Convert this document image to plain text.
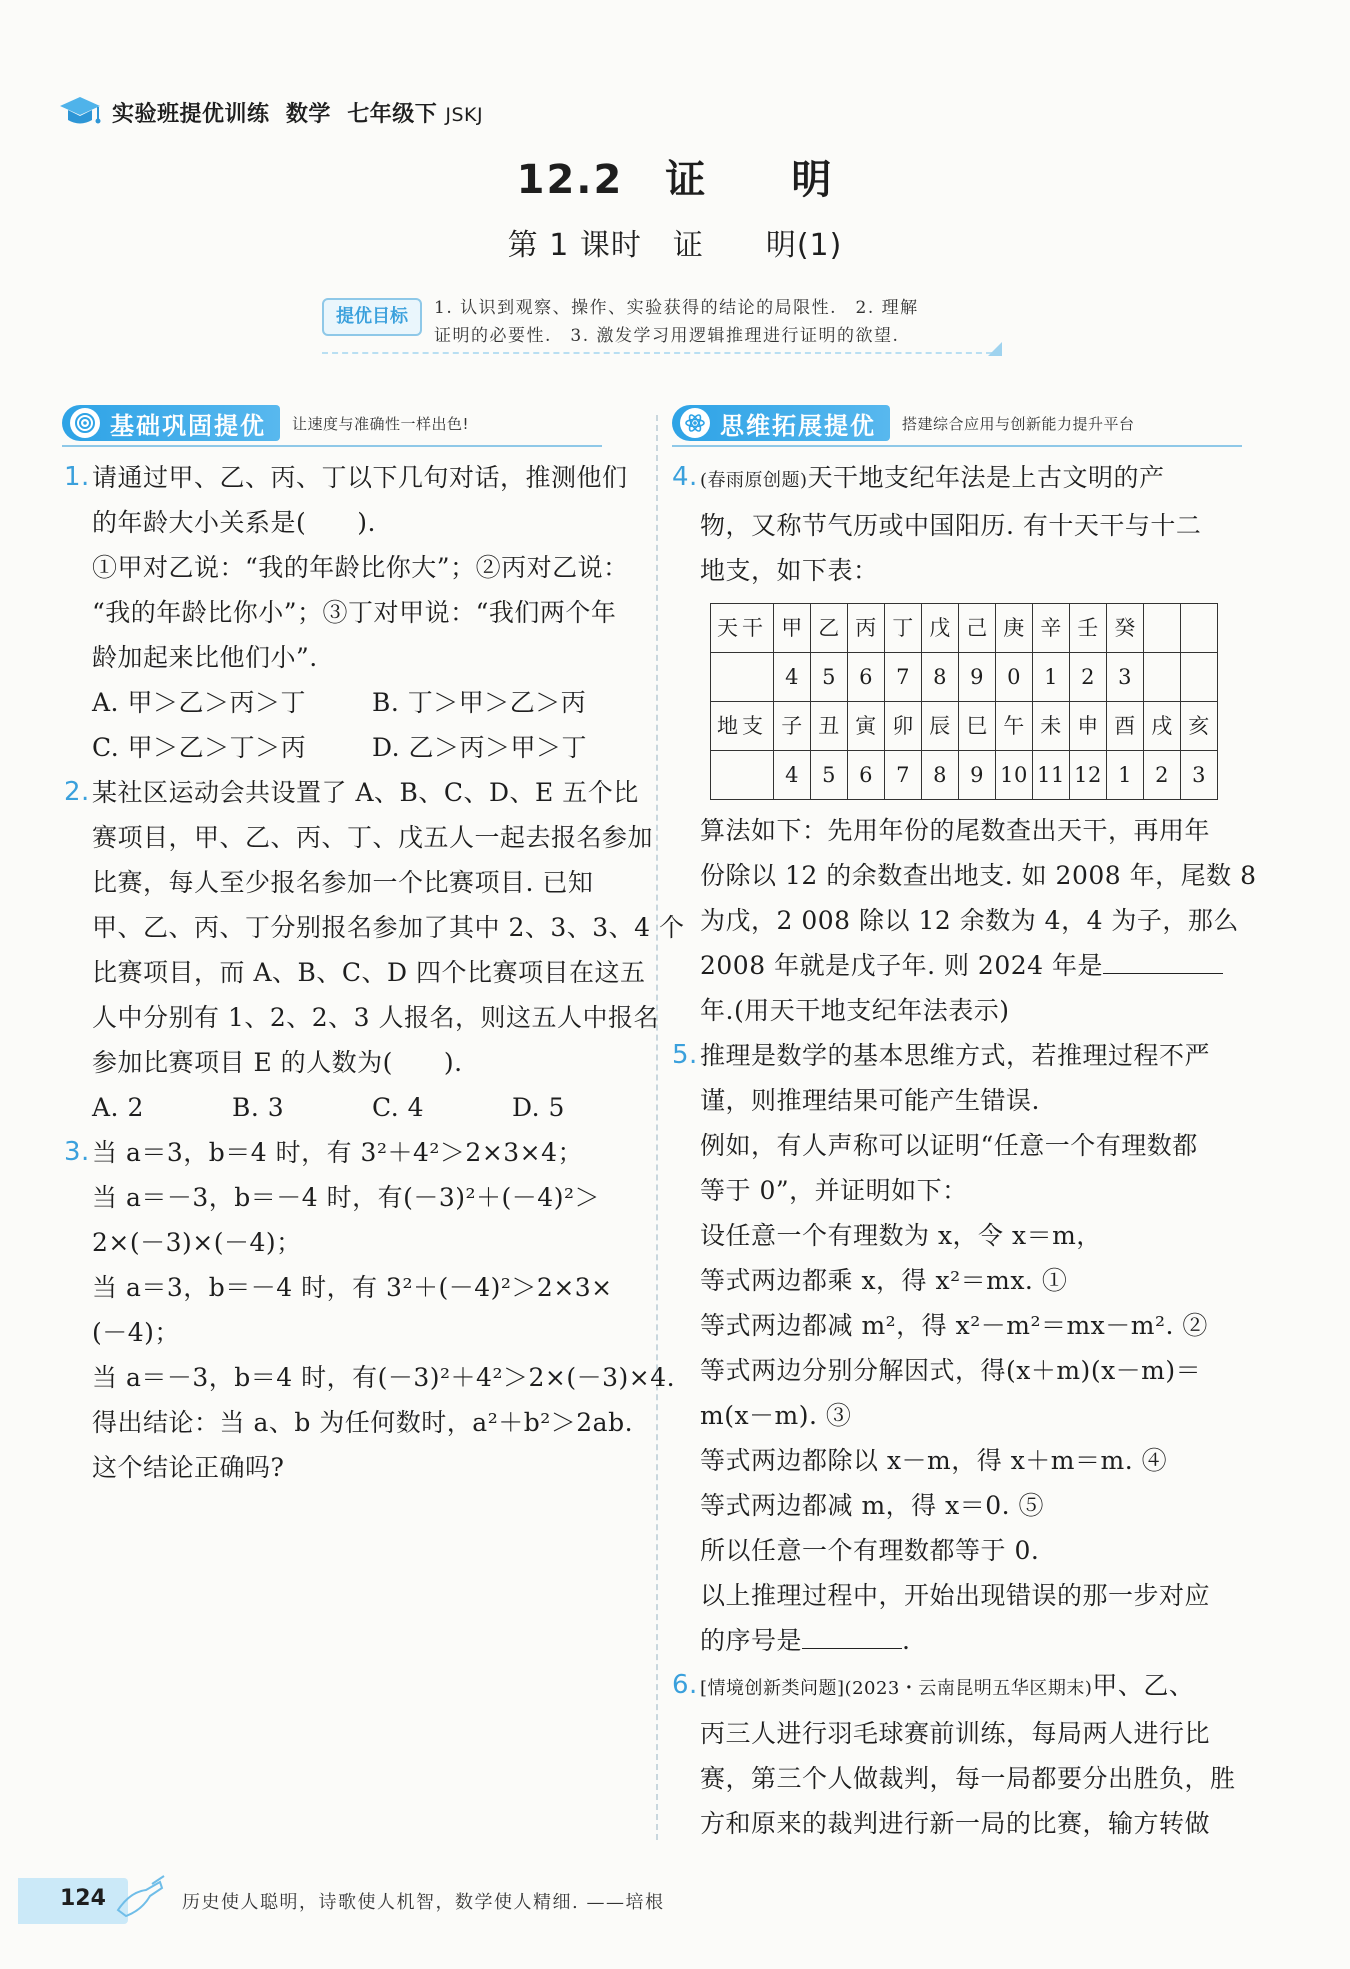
实验班提优训练 数学 七年级下 JSKJ
12.2　证　　明
第 1 课时　证　　明(1)
提优目标	1. 认识到观察、操作、实验获得的结论的局限性.　2. 理解
证明的必要性.　3. 激发学习用逻辑推理进行证明的欲望.
基础巩固提优 让速度与准确性一样出色!	思维拓展提优 搭建综合应用与创新能力提升平台
1. 请通过甲、乙、丙、丁以下几句对话，推测他们
的年龄大小关系是(　　).
①甲对乙说：“我的年龄比你大”；②丙对乙说：
“我的年龄比你小”；③丁对甲说：“我们两个年
龄加起来比他们小”.
A. 甲＞乙＞丙＞丁	B. 丁＞甲＞乙＞丙
C. 甲＞乙＞丁＞丙	D. 乙＞丙＞甲＞丁
2. 某社区运动会共设置了 A、B、C、D、E 五个比
赛项目，甲、乙、丙、丁、戊五人一起去报名参加
比赛，每人至少报名参加一个比赛项目. 已知
甲、乙、丙、丁分别报名参加了其中 2、3、3、4 个
比赛项目，而 A、B、C、D 四个比赛项目在这五
人中分别有 1、2、2、3 人报名，则这五人中报名
参加比赛项目 E 的人数为(　　).
A. 2	B. 3	C. 4	D. 5
3. 当 a＝3，b＝4 时，有 3²＋4²＞2×3×4；
当 a＝－3，b＝－4 时，有(－3)²＋(－4)²＞
2×(－3)×(－4)；
当 a＝3，b＝－4 时，有 3²＋(－4)²＞2×3×
(－4)；
当 a＝－3，b＝4 时，有(－3)²＋4²＞2×(－3)×4.
得出结论：当 a、b 为任何数时，a²＋b²＞2ab.
这个结论正确吗?
4. (春雨原创题)天干地支纪年法是上古文明的产
物，又称节气历或中国阳历. 有十天干与十二
地支，如下表：
天干	甲	乙	丙	丁	戊	己	庚	辛	壬	癸		
	4	5	6	7	8	9	0	1	2	3		
地支	子	丑	寅	卯	辰	巳	午	未	申	酉	戌	亥
	4	5	6	7	8	9	10	11	12	1	2	3
算法如下：先用年份的尾数查出天干，再用年
份除以 12 的余数查出地支. 如 2008 年，尾数 8
为戊，2 008 除以 12 余数为 4，4 为子，那么
2008 年就是戊子年. 则 2024 年是
年.(用天干地支纪年法表示)
5. 推理是数学的基本思维方式，若推理过程不严
谨，则推理结果可能产生错误.
例如，有人声称可以证明“任意一个有理数都
等于 0”，并证明如下：
设任意一个有理数为 x，令 x＝m，
等式两边都乘 x，得 x²＝mx. ①
等式两边都减 m²，得 x²－m²＝mx－m². ②
等式两边分别分解因式，得(x＋m)(x－m)＝
m(x－m). ③
等式两边都除以 x－m，得 x＋m＝m. ④
等式两边都减 m，得 x＝0. ⑤
所以任意一个有理数都等于 0.
以上推理过程中，开始出现错误的那一步对应
的序号是	.
6. [情境创新类问题](2023・云南昆明五华区期末)甲、乙、
丙三人进行羽毛球赛前训练，每局两人进行比
赛，第三个人做裁判，每一局都要分出胜负，胜
方和原来的裁判进行新一局的比赛，输方转做
124	历史使人聪明，诗歌使人机智，数学使人精细. ——培根
